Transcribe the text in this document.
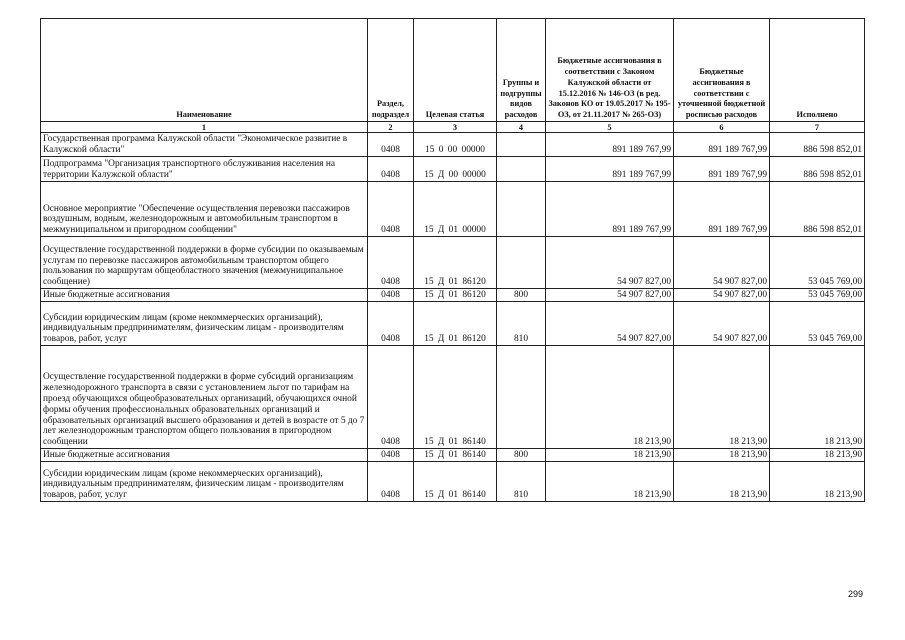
Наименование	Раздел, подраздел	Целевая статья	Группы и подгруппы видов расходов	Бюджетные ассигнования в соответствии с Законом Калужской области от 15.12.2016 № 146-ОЗ (в ред. Законов КО от 19.05.2017 № 195-ОЗ, от 21.11.2017 № 265-ОЗ)	Бюджетные ассигнования в соответствии с уточненной бюджетной росписью расходов	Исполнено
1	2	3	4	5	6	7
Государственная программа Калужской области "Экономическое развитие в Калужской области"	0408	15 0 00 00000		891 189 767,99	891 189 767,99	886 598 852,01
Подпрограмма "Организация транспортного обслуживания населения на территории Калужской области"	0408	15 Д 00 00000		891 189 767,99	891 189 767,99	886 598 852,01
Основное мероприятие "Обеспечение осуществления перевозки пассажиров воздушным, водным, железнодорожным и автомобильным транспортом в межмуниципальном и пригородном сообщении"	0408	15 Д 01 00000		891 189 767,99	891 189 767,99	886 598 852,01
Осуществление государственной поддержки в форме субсидии по оказываемым услугам по перевозке пассажиров автомобильным транспортом общего пользования по маршрутам общеобластного значения (межмуниципальное сообщение)	0408	15 Д 01 86120		54 907 827,00	54 907 827,00	53 045 769,00
Иные бюджетные ассигнования	0408	15 Д 01 86120	800	54 907 827,00	54 907 827,00	53 045 769,00
Субсидии юридическим лицам (кроме некоммерческих организаций), индивидуальным предпринимателям, физическим лицам - производителям товаров, работ, услуг	0408	15 Д 01 86120	810	54 907 827,00	54 907 827,00	53 045 769,00
Осуществление государственной поддержки в форме субсидий организациям железнодорожного транспорта в связи с установлением льгот по тарифам на проезд обучающихся общеобразовательных организаций, обучающихся очной формы обучения профессиональных образовательных организаций и образовательных организаций высшего образования и детей в возрасте от 5 до 7 лет железнодорожным транспортом общего пользования в пригородном сообщении	0408	15 Д 01 86140		18 213,90	18 213,90	18 213,90
Иные бюджетные ассигнования	0408	15 Д 01 86140	800	18 213,90	18 213,90	18 213,90
Субсидии юридическим лицам (кроме некоммерческих организаций), индивидуальным предпринимателям, физическим лицам - производителям товаров, работ, услуг	0408	15 Д 01 86140	810	18 213,90	18 213,90	18 213,90
299
